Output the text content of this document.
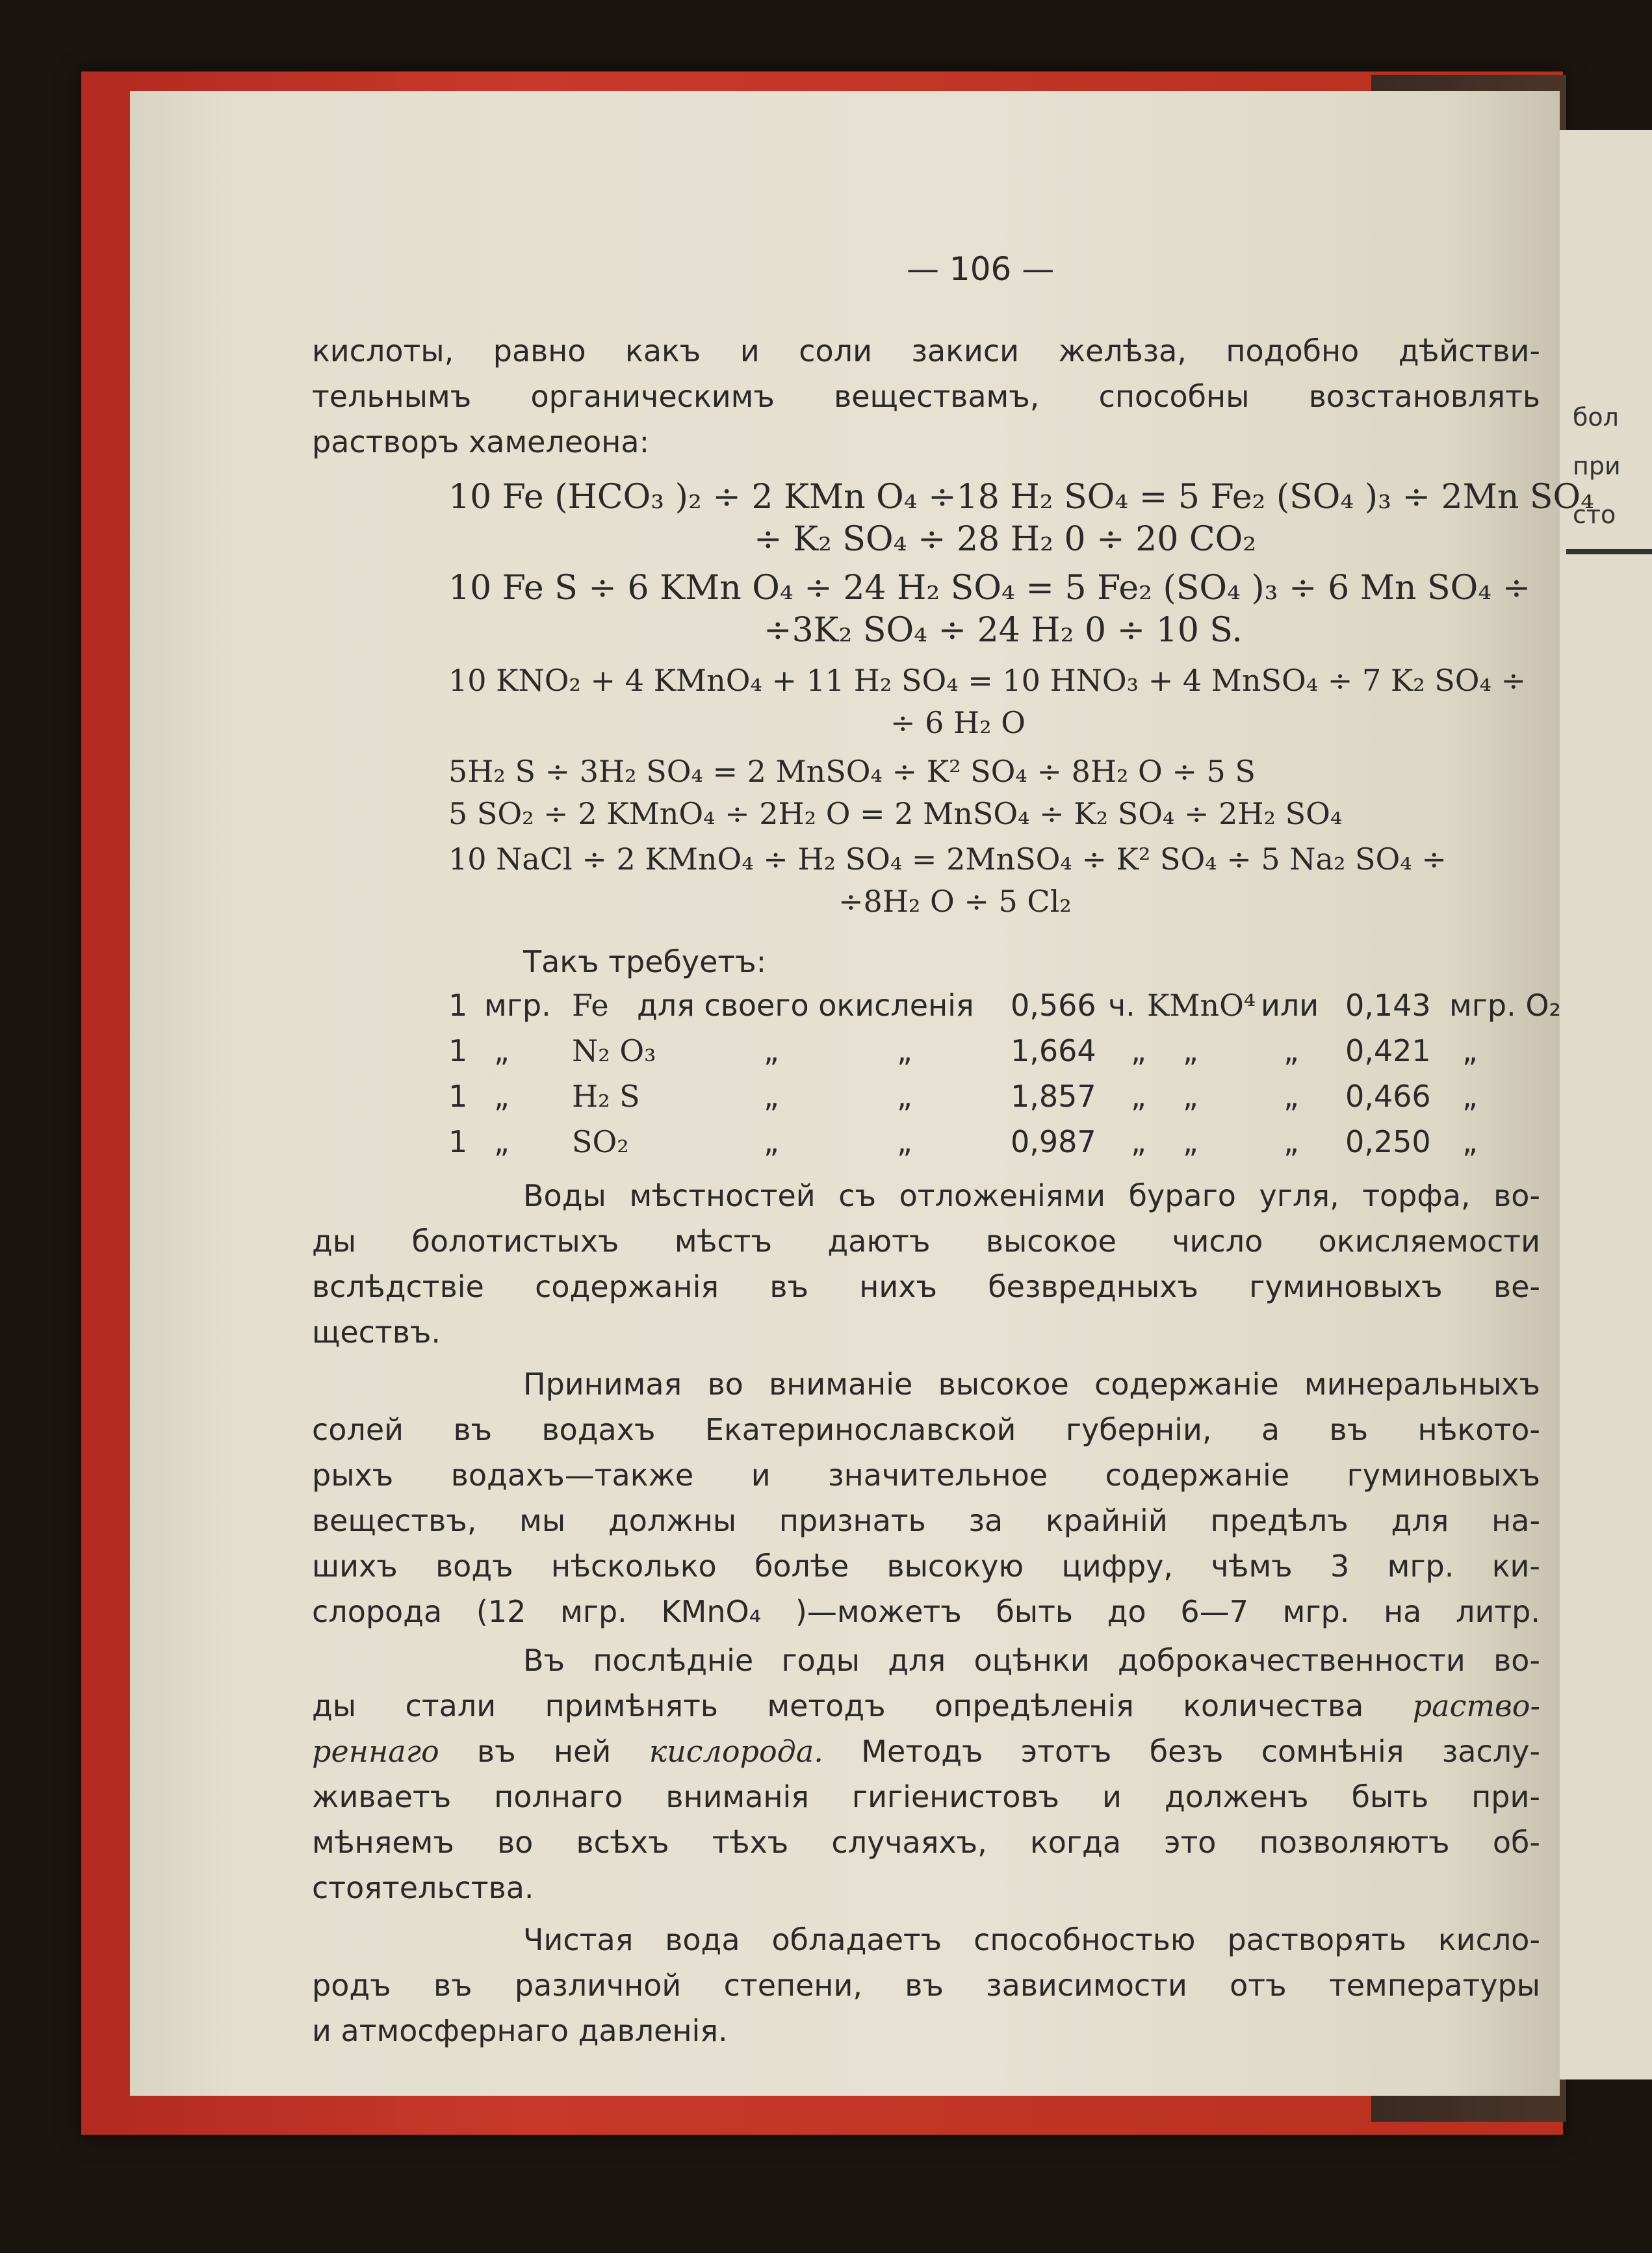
бол
при
сто
— 106 —
кислоты, равно какъ и соли закиси желѣза, подобно дѣйстви-
тельнымъ органическимъ веществамъ, способны возстановлять
растворъ хамелеона:
10 Fe (HCO₃ )₂ ÷ 2 KMn O₄ ÷18 H₂ SO₄ = 5 Fe₂ (SO₄ )₃ ÷ 2Mn SO₄
÷ K₂ SO₄ ÷ 28 H₂ 0 ÷ 20 CO₂
10 Fe S ÷ 6 KMn O₄ ÷ 24 H₂ SO₄ = 5 Fe₂ (SO₄ )₃ ÷ 6 Mn SO₄ ÷
÷3K₂ SO₄ ÷ 24 H₂ 0 ÷ 10 S.
10 KNO₂ + 4 KMnO₄ + 11 H₂ SO₄ = 10 HNO₃ + 4 MnSO₄ ÷ 7 K₂ SO₄ ÷
÷ 6 H₂ O
5H₂ S ÷ 3H₂ SO₄ = 2 MnSO₄ ÷ K² SO₄ ÷ 8H₂ O ÷ 5 S
5 SO₂ ÷ 2 KMnO₄ ÷ 2H₂ O = 2 MnSO₄ ÷ K₂ SO₄ ÷ 2H₂ SO₄
10 NaCl ÷ 2 KMnO₄ ÷ H₂ SO₄ = 2MnSO₄ ÷ K² SO₄ ÷ 5 Na₂ SO₄ ÷
÷8H₂ O ÷ 5 Cl₂
Такъ требуетъ:
1 мгр. Fe для своего окисленія 0,566 ч. KMnO⁴ или 0,143 мгр. O₂
1 „ N₂ O₃	„	„	1,664 „ „	„ 0,421 „
1 „ H₂ S	„	„	1,857 „ „	„ 0,466 „
1 „ SO₂	„	„	0,987 „ „	„ 0,250 „
Воды мѣстностей съ отложеніями бураго угля, торфа, во-
ды болотистыхъ мѣстъ даютъ высокое число окисляемости
вслѣдствіе содержанія въ нихъ безвредныхъ гуминовыхъ ве-
ществъ.
Принимая во вниманіе высокое содержаніе минеральныхъ
солей въ водахъ Екатеринославской губерніи, а въ нѣкото-
рыхъ водахъ—также и значительное содержаніе гуминовыхъ
веществъ, мы должны признать за крайній предѣлъ для на-
шихъ водъ нѣсколько болѣе высокую цифру, чѣмъ 3 мгр. ки-
слорода (12 мгр. KMnO₄ )—можетъ быть до 6—7 мгр. на литр.
Въ послѣдніе годы для оцѣнки доброкачественности во-
ды стали примѣнять методъ опредѣленія количества раство-
реннаго въ ней кислорода. Методъ этотъ безъ сомнѣнія заслу-
живаетъ полнаго вниманія гигіенистовъ и долженъ быть при-
мѣняемъ во всѣхъ тѣхъ случаяхъ, когда это позволяютъ об-
стоятельства.
Чистая вода обладаетъ способностью растворять кисло-
родъ въ различной степени, въ зависимости отъ температуры
и атмосфернаго давленія.
